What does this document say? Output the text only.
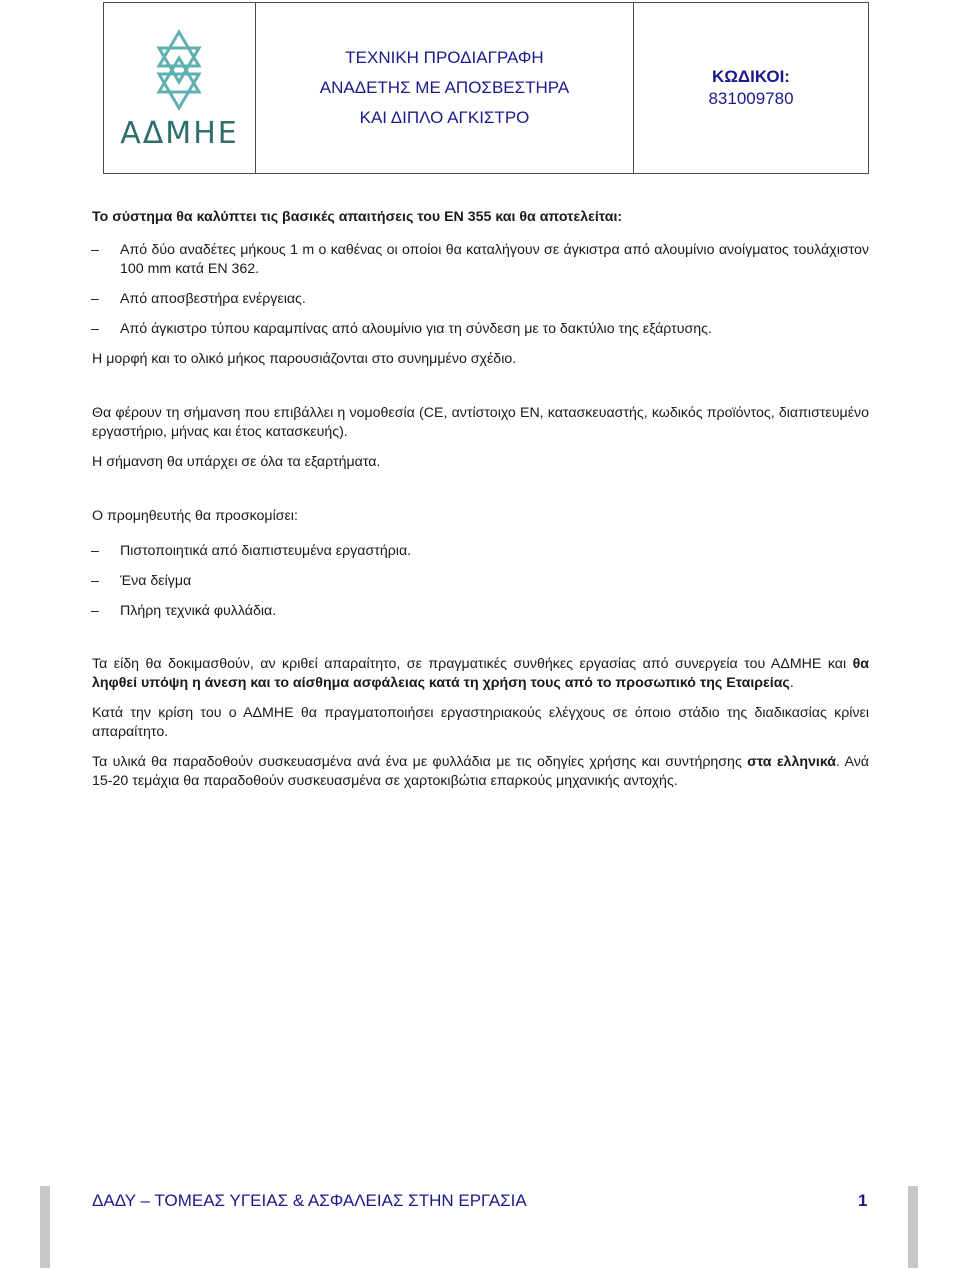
ΑΔΜΗΕ
ΤΕΧΝΙΚΗ ΠΡΟΔΙΑΓΡΑΦΗ
ΑΝΑΔΕΤΗΣ ΜΕ ΑΠΟΣΒΕΣΤΗΡΑ
ΚΑΙ ΔΙΠΛΟ ΑΓΚΙΣΤΡΟ
ΚΩΔΙΚΟΙ:
831009780

Το σύστημα θα καλύπτει τις βασικές απαιτήσεις του EN 355 και θα αποτελείται:

– Από δύο αναδέτες μήκους 1 m ο καθένας οι οποίοι θα καταλήγουν σε άγκιστρα από αλουμίνιο ανοίγματος τουλάχιστον 100 mm κατά ΕΝ 362.
– Από αποσβεστήρα ενέργειας.
– Από άγκιστρο τύπου καραμπίνας από αλουμίνιο για τη σύνδεση με το δακτύλιο της εξάρτυσης.

Η μορφή και το ολικό μήκος παρουσιάζονται στο συνημμένο σχέδιο.

Θα φέρουν τη σήμανση που επιβάλλει η νομοθεσία (CE, αντίστοιχο EN, κατασκευαστής, κωδικός προϊόντος, διαπιστευμένο εργαστήριο, μήνας και έτος κατασκευής).

Η σήμανση θα υπάρχει σε όλα τα εξαρτήματα.

Ο προμηθευτής θα προσκομίσει:

– Πιστοποιητικά από διαπιστευμένα εργαστήρια.
– Ένα δείγμα
– Πλήρη τεχνικά φυλλάδια.

Τα είδη θα δοκιμασθούν, αν κριθεί απαραίτητο, σε πραγματικές συνθήκες εργασίας από συνεργεία του ΑΔΜΗΕ και θα ληφθεί υπόψη η άνεση και το αίσθημα ασφάλειας κατά τη χρήση τους από το προσωπικό της Εταιρείας.

Κατά την κρίση του ο ΑΔΜΗΕ θα πραγματοποιήσει εργαστηριακούς ελέγχους σε όποιο στάδιο της διαδικασίας κρίνει απαραίτητο.

Τα υλικά θα παραδοθούν συσκευασμένα ανά ένα με φυλλάδια με τις οδηγίες χρήσης και συντήρησης στα ελληνικά. Ανά 15-20 τεμάχια θα παραδοθούν συσκευασμένα σε χαρτοκιβώτια επαρκούς μηχανικής αντοχής.

ΔΑΔΥ – ΤΟΜΕΑΣ ΥΓΕΙΑΣ & ΑΣΦΑΛΕΙΑΣ ΣΤΗΝ ΕΡΓΑΣΙΑ	1
